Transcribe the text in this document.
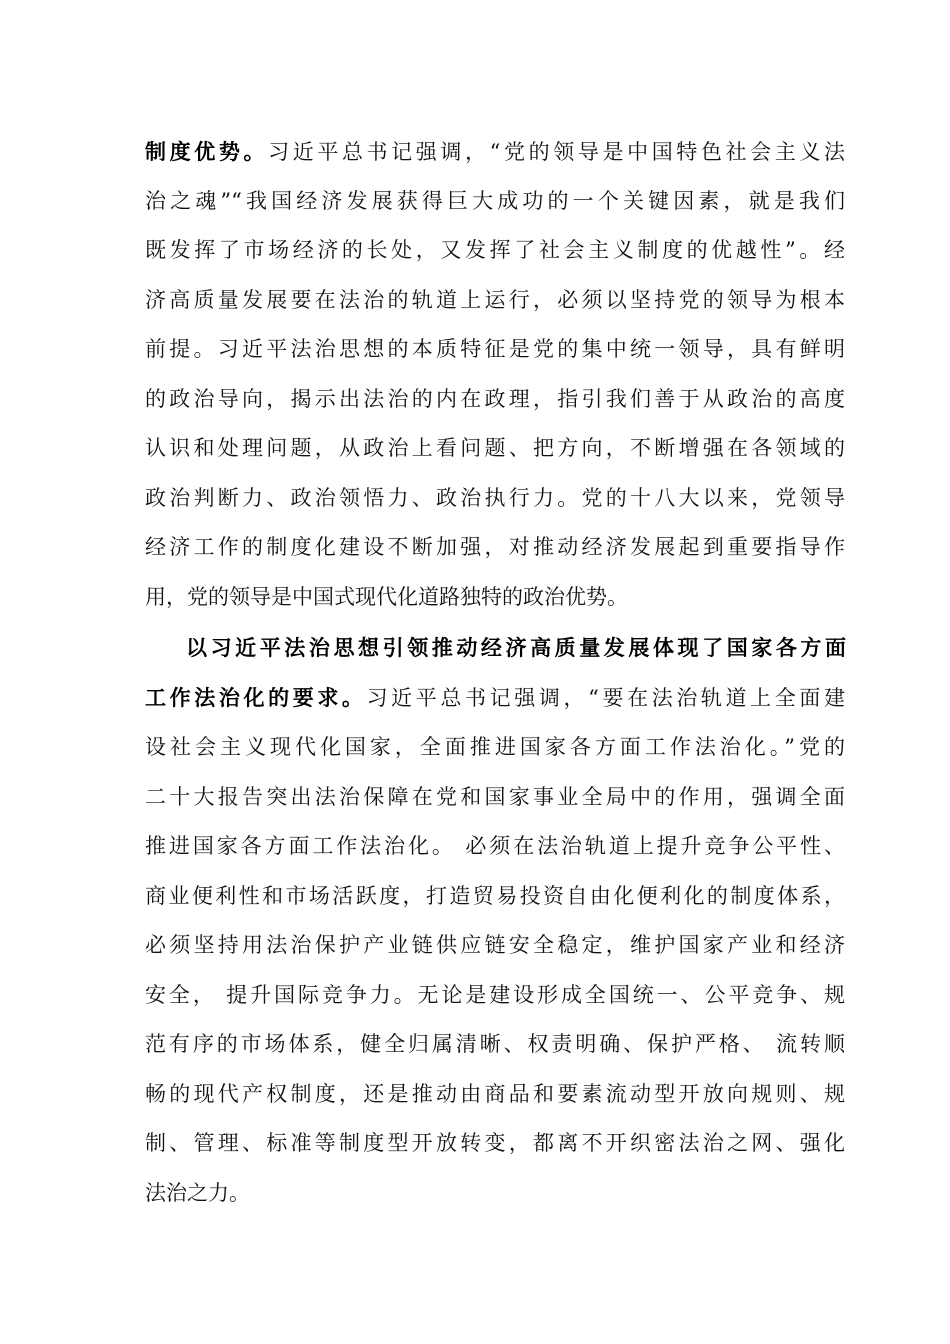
制度优势。习近平总书记强调，“党的领导是中国特色社会主义法
治之魂”“我国经济发展获得巨大成功的一个关键因素，就是我们
既发挥了市场经济的长处，又发挥了社会主义制度的优越性”。经
济高质量发展要在法治的轨道上运行，必须以坚持党的领导为根本
前提。习近平法治思想的本质特征是党的集中统一领导，具有鲜明
的政治导向，揭示出法治的内在政理，指引我们善于从政治的高度
认识和处理问题，从政治上看问题、把方向，不断增强在各领域的
政治判断力、政治领悟力、政治执行力。党的十八大以来，党领导
经济工作的制度化建设不断加强，对推动经济发展起到重要指导作
用，党的领导是中国式现代化道路独特的政治优势。
以习近平法治思想引领推动经济高质量发展体现了国家各方面
工作法治化的要求。习近平总书记强调，“要在法治轨道上全面建
设社会主义现代化国家，全面推进国家各方面工作法治化。”党的
二十大报告突出法治保障在党和国家事业全局中的作用，强调全面
推进国家各方面工作法治化。 必须在法治轨道上提升竞争公平性、
商业便利性和市场活跃度，打造贸易投资自由化便利化的制度体系，
必须坚持用法治保护产业链供应链安全稳定，维护国家产业和经济
安全， 提升国际竞争力。无论是建设形成全国统一、公平竞争、规
范有序的市场体系，健全归属清晰、权责明确、保护严格、 流转顺
畅的现代产权制度，还是推动由商品和要素流动型开放向规则、规
制、管理、标准等制度型开放转变，都离不开织密法治之网、强化
法治之力。
